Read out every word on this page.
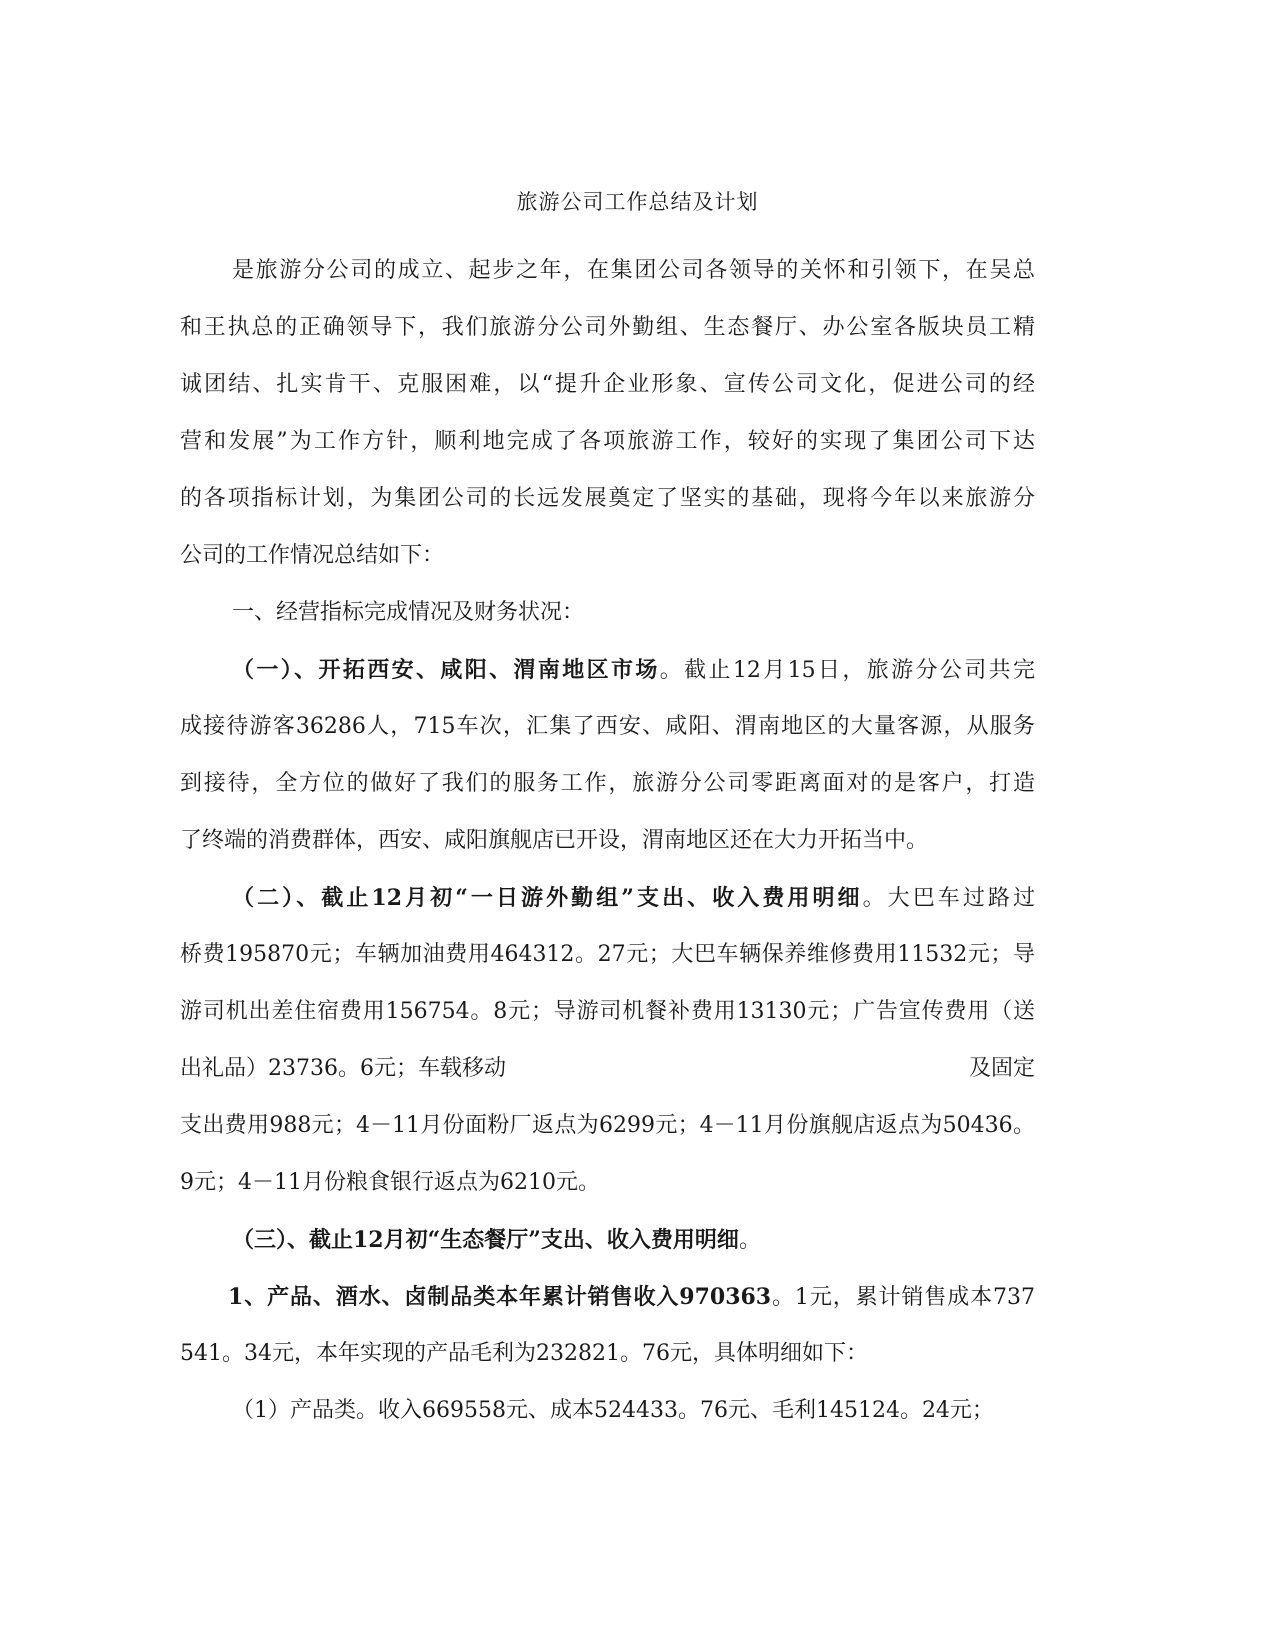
旅游公司工作总结及计划
是旅游分公司的成立、起步之年，在集团公司各领导的关怀和引领下，在吴总
和王执总的正确领导下，我们旅游分公司外勤组、生态餐厅、办公室各版块员工精
诚团结、扎实肯干、克服困难，以“提升企业形象、宣传公司文化，促进公司的经
营和发展”为工作方针，顺利地完成了各项旅游工作，较好的实现了集团公司下达
的各项指标计划，为集团公司的长远发展奠定了坚实的基础，现将今年以来旅游分
公司的工作情况总结如下：
一、经营指标完成情况及财务状况：
（一）、开拓西安、咸阳、渭南地区市场。截止12月15日，旅游分公司共完
成接待游客36286人，715车次，汇集了西安、咸阳、渭南地区的大量客源，从服务
到接待，全方位的做好了我们的服务工作，旅游分公司零距离面对的是客户，打造
了终端的消费群体，西安、咸阳旗舰店已开设，渭南地区还在大力开拓当中。
（二）、截止12月初“一日游外勤组”支出、收入费用明细。大巴车过路过
桥费195870元；车辆加油费用464312。27元；大巴车辆保养维修费用11532元；导
游司机出差住宿费用156754。8元；导游司机餐补费用13130元；广告宣传费用（送
出礼品）23736。6元；车载移动	及固定
支出费用988元；4－11月份面粉厂返点为6299元；4－11月份旗舰店返点为50436。
9元；4－11月份粮食银行返点为6210元。
（三）、截止12月初“生态餐厅”支出、收入费用明细。
1、产品、酒水、卤制品类本年累计销售收入970363。1元，累计销售成本737
541。34元，本年实现的产品毛利为232821。76元，具体明细如下：
（1）产品类。收入669558元、成本524433。76元、毛利145124。24元；
